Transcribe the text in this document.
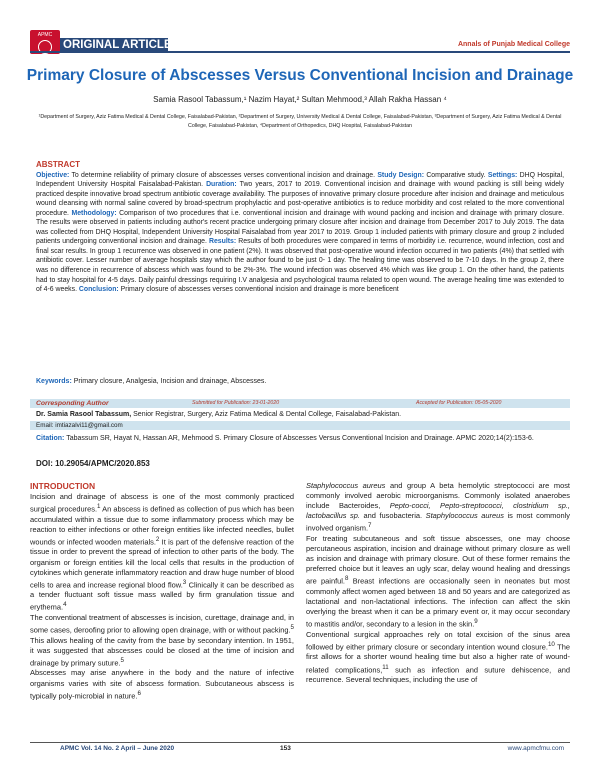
APMC
ORIGINAL ARTICLE	Annals of Punjab Medical College
Primary Closure of Abscesses Versus Conventional Incision and Drainage
Samia Rasool Tabassum,¹ Nazim Hayat,² Sultan Mehmood,³ Allah Rakha Hassan ⁴
¹Department of Surgery, Aziz Fatima Medical & Dental College, Faisalabad-Pakistan, ²Department of Surgery, University Medical & Dental College, Faisalabad-Pakistan, ³Department of Surgery, Aziz Fatima Medical & Dental College, Faisalabad-Pakistan, ⁴Department of Orthopedics, DHQ Hospital, Faisalabad-Pakistan
ABSTRACT
Objective: To determine reliability of primary closure of abscesses verses conventional incision and drainage. Study Design: Comparative study. Settings: DHQ Hospital, Independent University Hospital Faisalabad-Pakistan. Duration: Two years, 2017 to 2019. Conventional incision and drainage with wound packing is still being widely practiced despite innovative broad spectrum antibiotic coverage availability. The purposes of innovative primary closure procedure after incision and drainage and meticulous wound cleansing with normal saline covered by broad-spectrum prophylactic and post-operative antibiotics is to reduce morbidity and cost related to the more conventional procedure. Methodology: Comparison of two procedures that i.e. conventional incision and drainage with wound packing and incision and drainage with primary closure. The results were observed in patients including author's recent practice undergoing primary closure after incision and drainage from December 2017 to July 2019. The data was collected from DHQ Hospital, Independent University Hospital Faisalabad from year 2017 to 2019. Group 1 included patients with primary closure and group 2 included patients undergoing conventional incision and drainage. Results: Results of both procedures were compared in terms of morbidity i.e. recurrence, wound infection, cost and final scar results. In group 1 recurrence was observed in one patient (2%). It was observed that post-operative wound infection occurred in two patients (4%) that settled with antibiotic cover. Lesser number of average hospitals stay which the author found to be just 0- 1 day. The healing time was observed to be 7-10 days. In the group 2, there was no difference in recurrence of abscess which was found to be 2%-3%. The wound infection was observed 4% which was like group 1. On the other hand, the patients had to stay hospital for 4-5 days. Daily painful dressings requiring I.V analgesia and psychological trauma related to open wound. The average healing time was extended to of 4-6 weeks. Conclusion: Primary closure of abscesses verses conventional incision and drainage is more beneficent
Keywords: Primary closure, Analgesia, Incision and drainage, Abscesses.
Corresponding Author	Submitted for Publication: 23-01-2020	Accepted for Publication: 05-05-2020
Dr. Samia Rasool Tabassum, Senior Registrar, Surgery, Aziz Fatima Medical & Dental College, Faisalabad-Pakistan.
Email: imtiazalvi11@gmail.com
Citation: Tabassum SR, Hayat N, Hassan AR, Mehmood S. Primary Closure of Abscesses Versus Conventional Incision and Drainage. APMC 2020;14(2):153-6.
DOI: 10.29054/APMC/2020.853
INTRODUCTION

Incision and drainage of abscess is one of the most commonly practiced surgical procedures.$^1$ An abscess is defined as collection of pus which has been accumulated within a tissue due to some inflammatory process which may be reaction to either infections or other foreign entities like infected needles, bullet wounds or infected wooden materials.$^2$ It is part of the defensive reaction of the tissue in order to prevent the spread of infection to other parts of the body. The organism or foreign entities kill the local cells that results in the production of cytokines which generate inflammatory reaction and draw huge number of blood cells to area and increase regional blood flow.$^3$ Clinically it can be described as a tender fluctuant soft tissue mass walled by firm granulation tissue and erythema.$^4$

The conventional treatment of abscesses is incision, curettage, drainage and, in some cases, deroofing prior to allowing open drainage, with or without packing.$^5$ This allows healing of the cavity from the base by secondary intention. In 1951, it was suggested that abscesses could be closed at the time of incision and drainage by primary suture.$^5$

Abscesses may arise anywhere in the body and the nature of infective organisms varies with site of abscess formation. Subcutaneous abscess is typically poly-microbial in nature.$^6$

Staphylococcus aureus and group A beta hemolytic streptococci are most commonly involved aerobic microorganisms. Commonly isolated anaerobes include Bacteroides, Pepto-cocci, Pepto-streptococci, clostridium sp., lactobacillus sp. and fusobacteria. Staphylococcus aureus is most commonly involved organism.$^7$

For treating subcutaneous and soft tissue abscesses, one may choose percutaneous aspiration, incision and drainage without primary closure as well as incision and drainage with primary closure. Out of these former remains the preferred choice but it leaves an ugly scar, delay wound healing and dressings are painful.$^8$ Breast infections are occasionally seen in neonates but most commonly affect women aged between 18 and 50 years and are categorized as lactational and non-lactational infections. The infection can affect the skin overlying the breast when it can be a primary event or, it may occur secondary to mastitis and/or, secondary to a lesion in the skin.$^9$

Conventional surgical approaches rely on total excision of the sinus area followed by either primary closure or secondary intention wound closure.$^{10}$ The first allows for a shorter wound healing time but also a higher rate of wound-related complications,$^{11}$ such as infection and suture dehiscence, and recurrence. Several techniques, including the use of

APMC Vol. 14 No. 2 April – June 2020	153	www.apmcfmu.com
